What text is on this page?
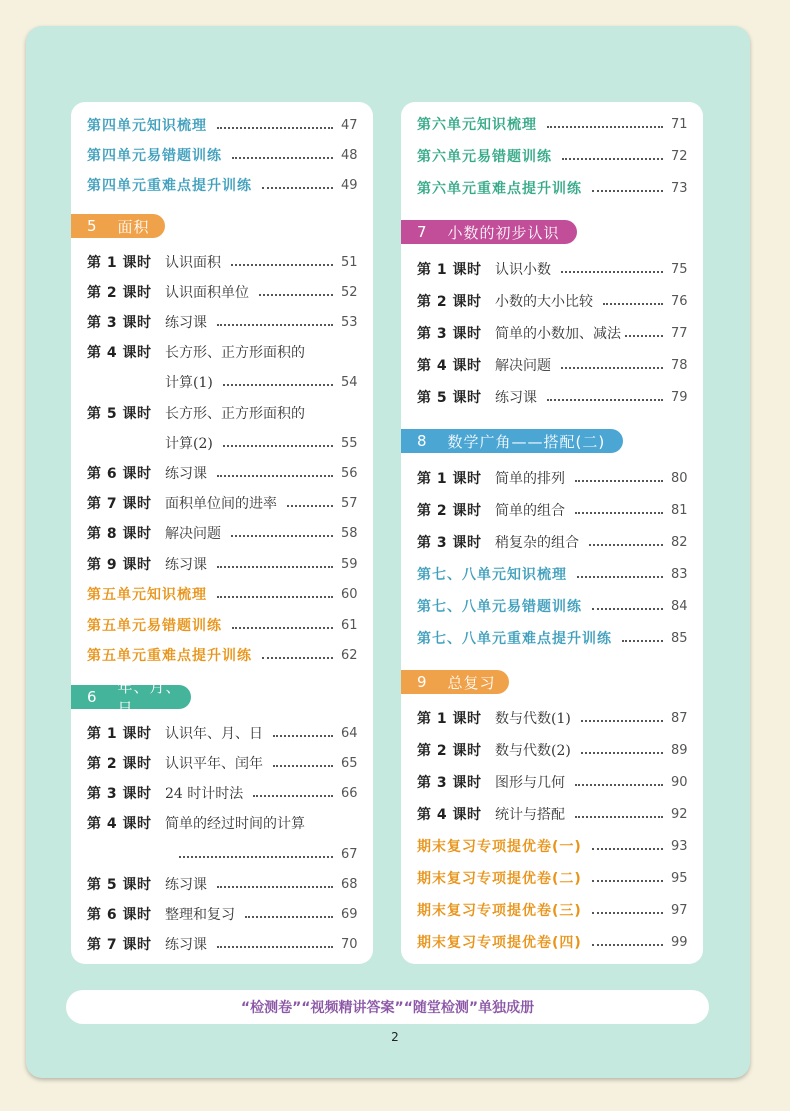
第四单元知识梳理	47
第四单元易错题训练	48
第四单元重难点提升训练	49
5 面积
第 1 课时 认识面积	51
第 2 课时 认识面积单位	52
第 3 课时 练习课	53
第 4 课时 长方形、正方形面积的
计算(1)	54
第 5 课时 长方形、正方形面积的
计算(2)	55
第 6 课时 练习课	56
第 7 课时 面积单位间的进率	57
第 8 课时 解决问题	58
第 9 课时 练习课	59
第五单元知识梳理	60
第五单元易错题训练	61
第五单元重难点提升训练	62
6
年、月、日
第 1 课时 认识年、月、日	64
第 2 课时 认识平年、闰年	65
第 3 课时 24 时计时法	66
第 4 课时 简单的经过时间的计算
67
第 5 课时 练习课	68
第 6 课时 整理和复习	69
第 7 课时 练习课	70
第六单元知识梳理	71
第六单元易错题训练	72
第六单元重难点提升训练	73
7 小数的初步认识
第 1 课时 认识小数	75
第 2 课时 小数的大小比较	76
第 3 课时 简单的小数加、减法	77
第 4 课时 解决问题	78
第 5 课时 练习课	79
8 数学广角——搭配(二)
第 1 课时 简单的排列	80
第 2 课时 简单的组合	81
第 3 课时 稍复杂的组合	82
第七、八单元知识梳理	83
第七、八单元易错题训练	84
第七、八单元重难点提升训练	85
9 总复习
第 1 课时 数与代数(1)	87
第 2 课时 数与代数(2)	89
第 3 课时 图形与几何	90
第 4 课时 统计与搭配	92
期末复习专项提优卷(一)	93
期末复习专项提优卷(二)	95
期末复习专项提优卷(三)	97
期末复习专项提优卷(四)	99
“检测卷”“视频精讲答案”“随堂检测”单独成册
2
